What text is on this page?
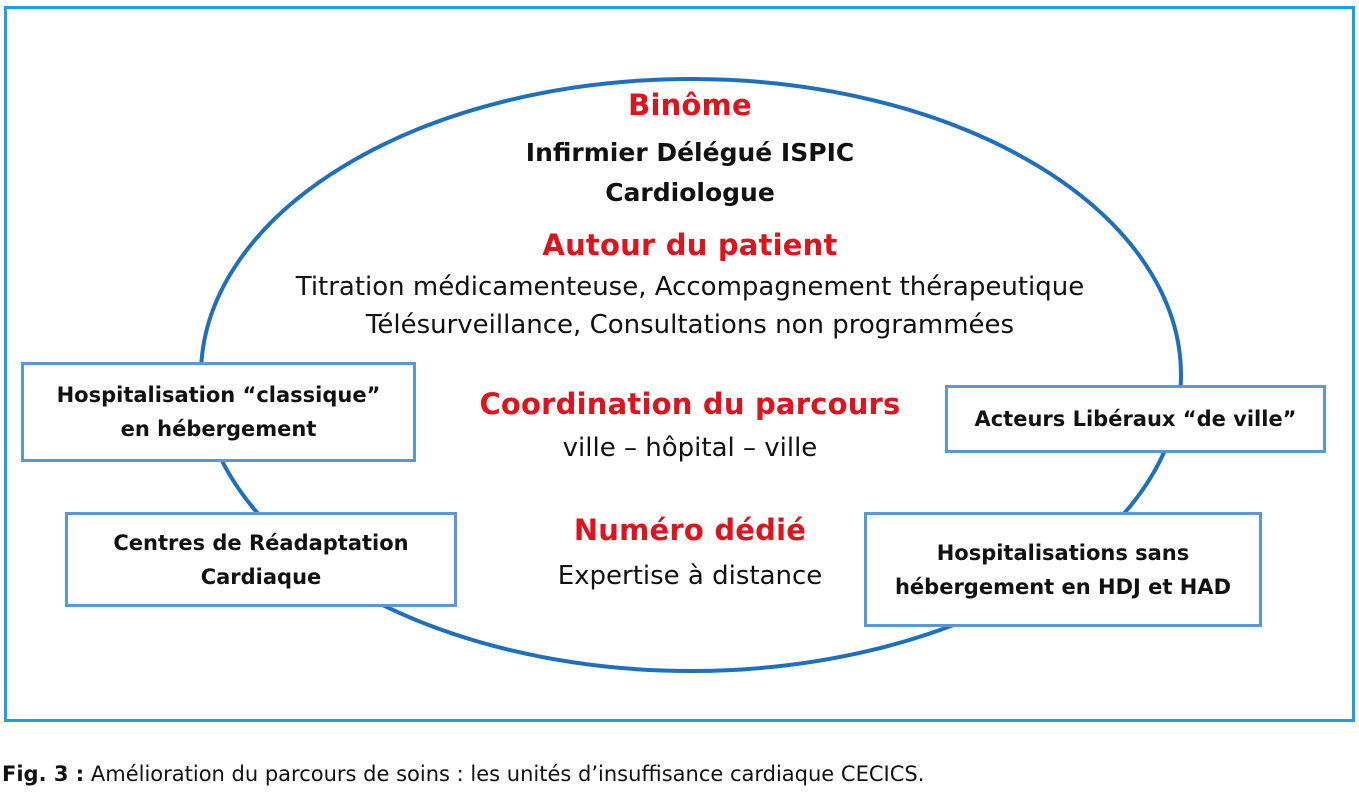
Binôme
Infirmier Délégué ISPIC
Cardiologue
Autour du patient
Titration médicamenteuse, Accompagnement thérapeutique
Télésurveillance, Consultations non programmées
Coordination du parcours
ville – hôpital – ville
Numéro dédié
Expertise à distance
Hospitalisation “classique”
en hébergement
Centres de Réadaptation
Cardiaque
Acteurs Libéraux “de ville”
Hospitalisations sans
hébergement en HDJ et HAD
Fig. 3 : Amélioration du parcours de soins : les unités d’insuffisance cardiaque CECICS.
